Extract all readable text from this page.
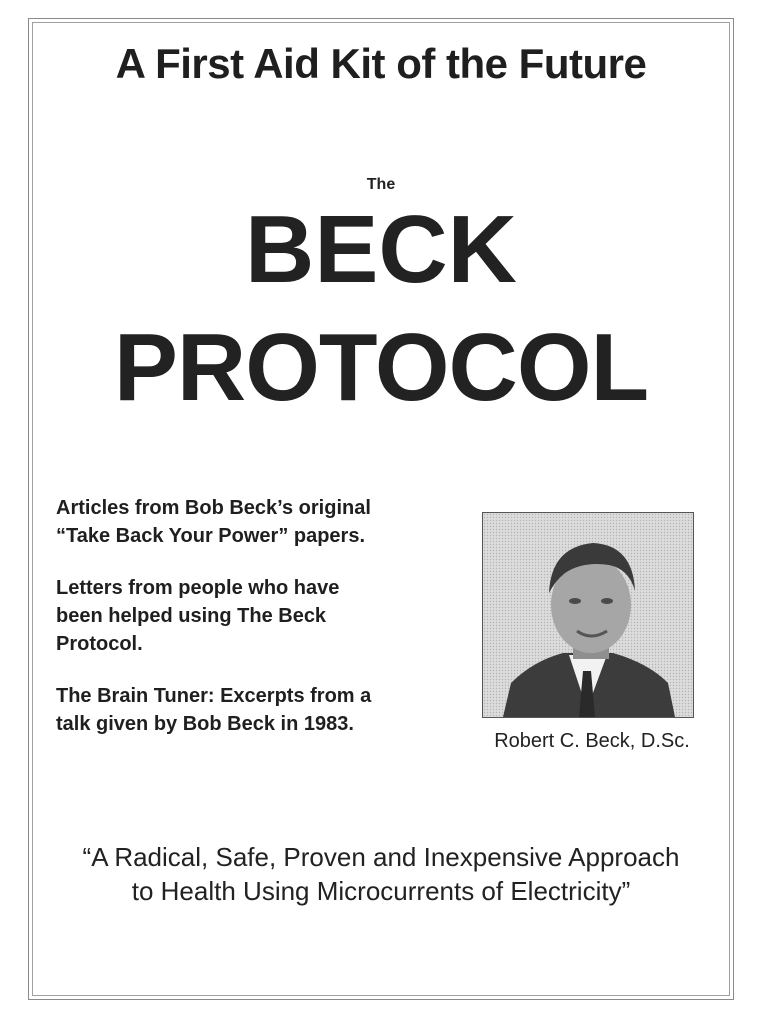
A First Aid Kit of the Future
The
BECK
PROTOCOL
Articles from Bob Beck’s original
“Take Back Your Power” papers.
Letters from people who have
been helped using The Beck
Protocol.
The Brain Tuner: Excerpts from a
talk given by Bob Beck in 1983.
Robert C. Beck, D.Sc.
“A Radical, Safe, Proven and Inexpensive Approach
to Health Using Microcurrents of Electricity”
